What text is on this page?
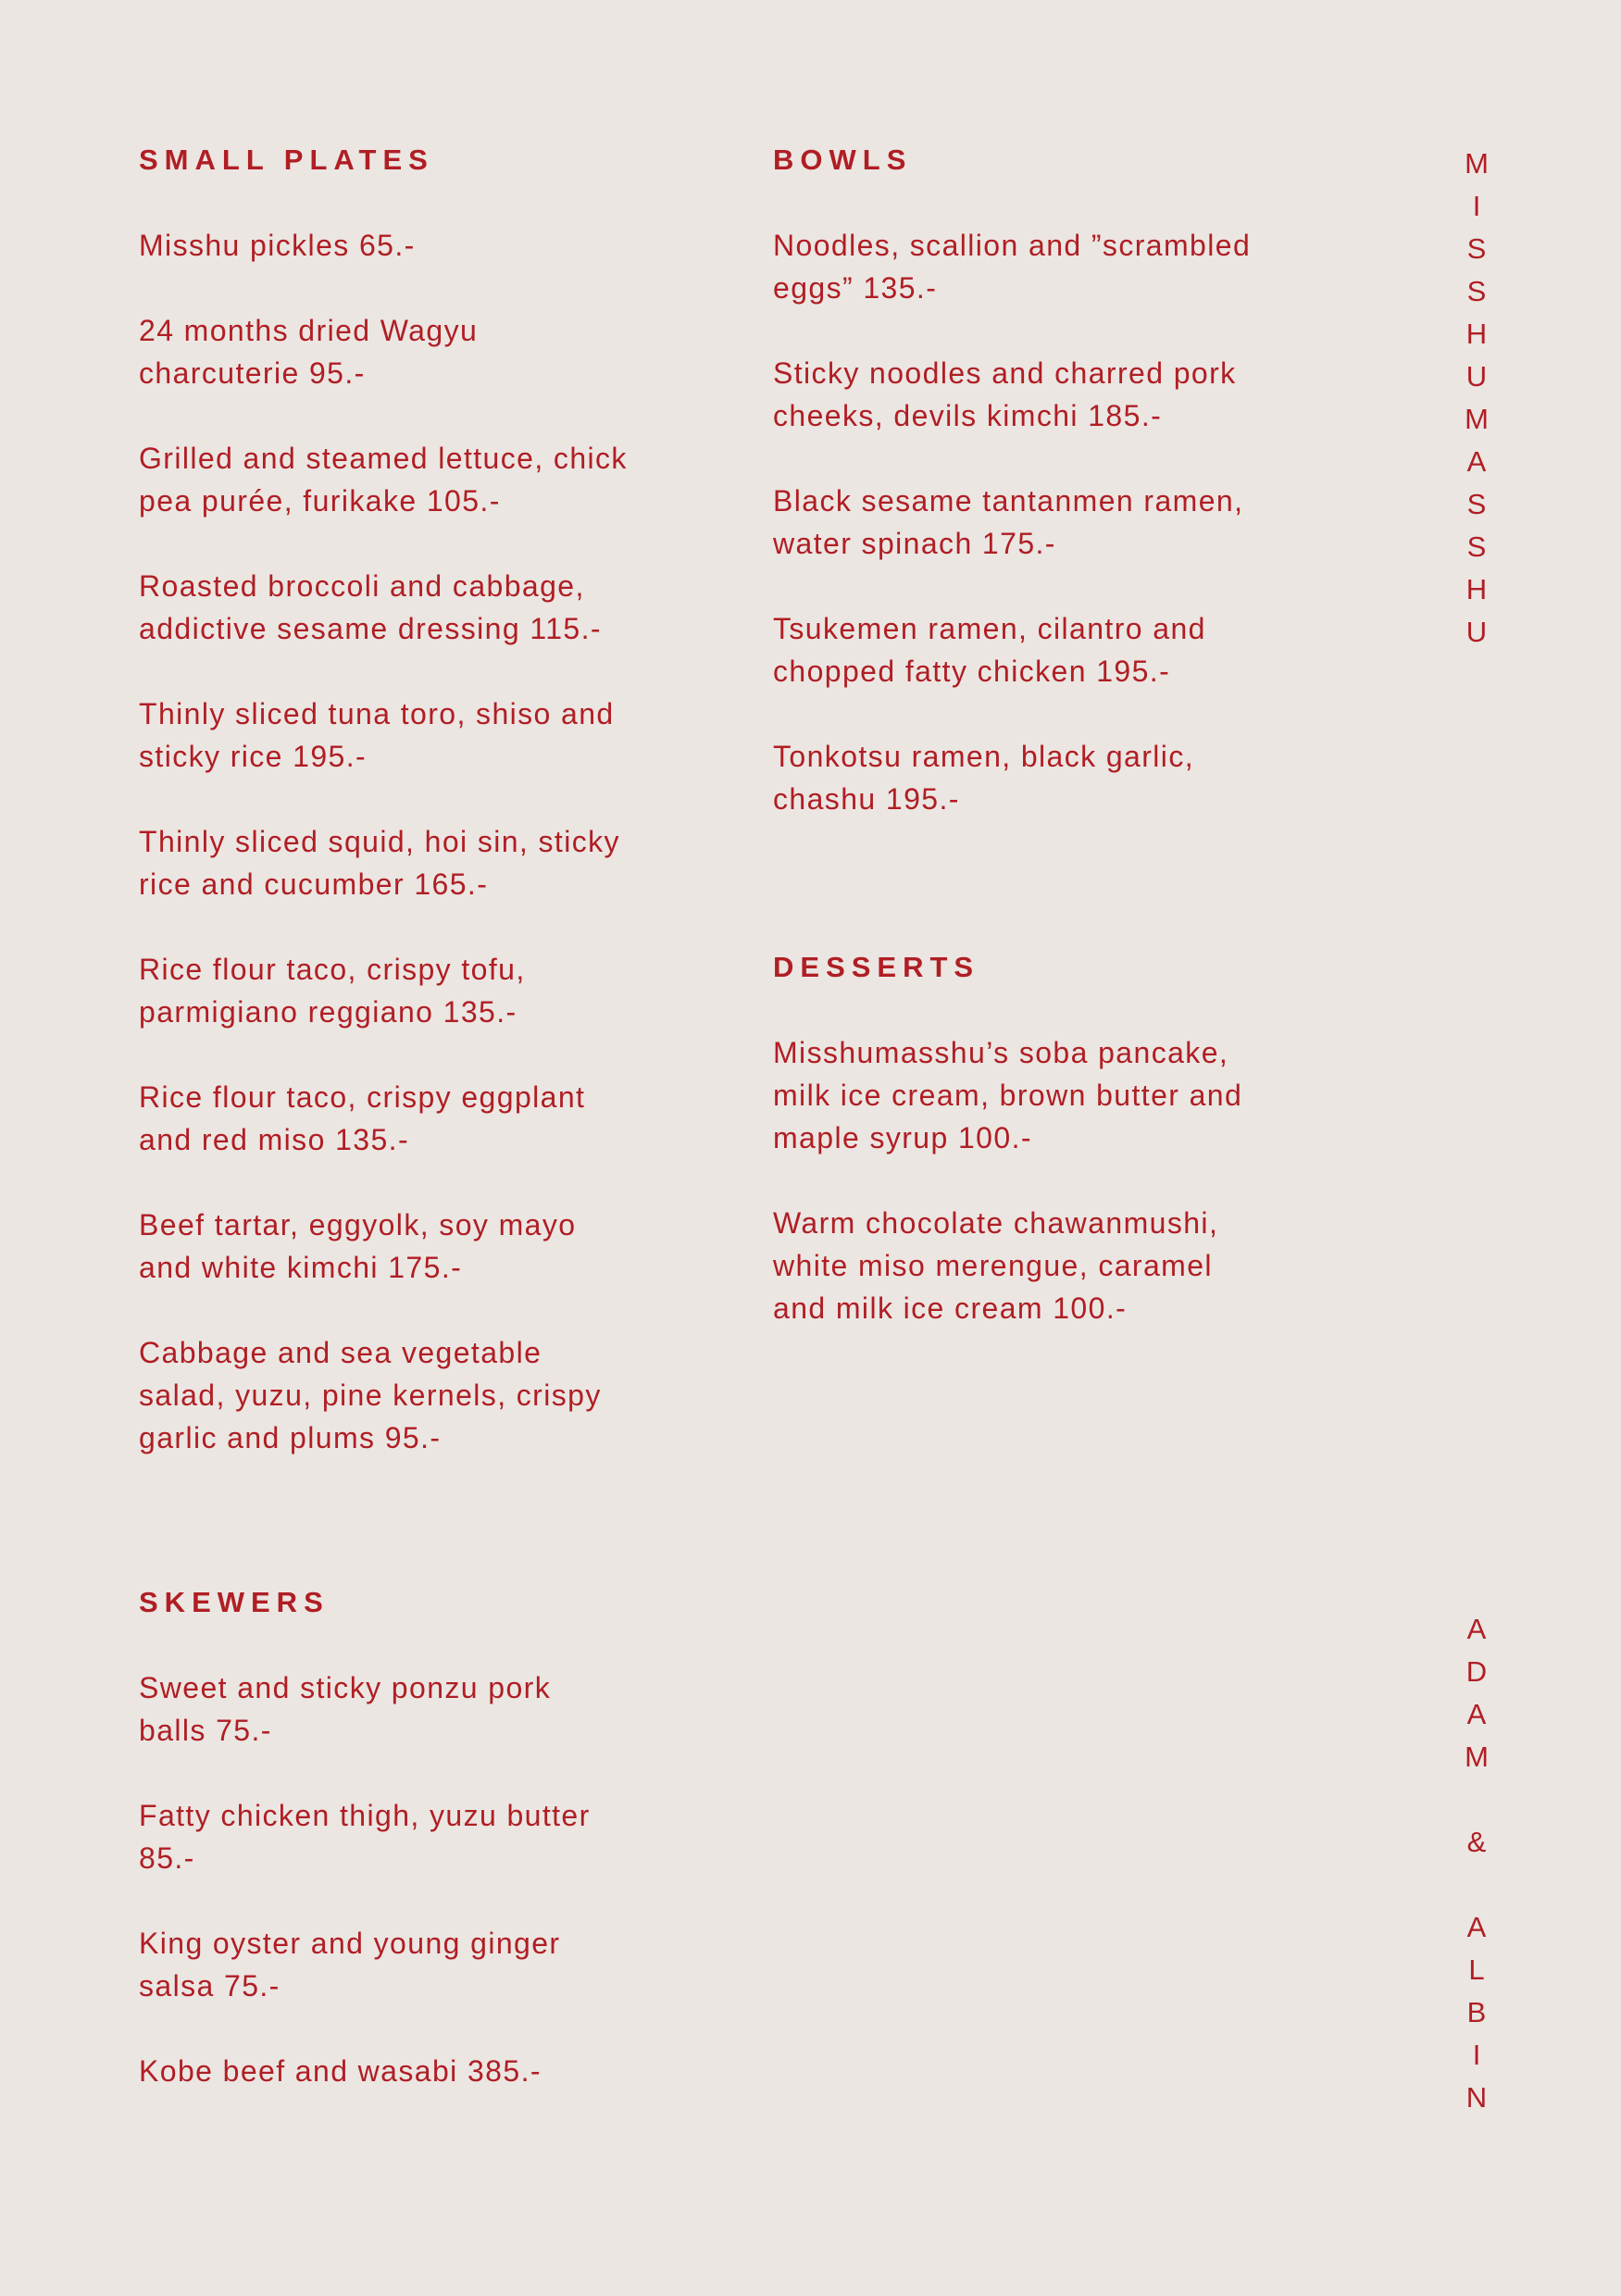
SMALL PLATES
Misshu pickles 65.-
24 months dried Wagyu
charcuterie 95.-
Grilled and steamed lettuce, chick
pea purée, furikake 105.-
Roasted broccoli and cabbage,
addictive sesame dressing 115.-
Thinly sliced tuna toro, shiso and
sticky rice 195.-
Thinly sliced squid, hoi sin, sticky
rice and cucumber 165.-
Rice flour taco, crispy tofu,
parmigiano reggiano 135.-
Rice flour taco, crispy eggplant
and red miso 135.-
Beef tartar, eggyolk, soy mayo
and white kimchi 175.-
Cabbage and sea vegetable
salad, yuzu, pine kernels, crispy
garlic and plums 95.-
BOWLS
Noodles, scallion and ”scrambled
eggs” 135.-
Sticky noodles and charred pork
cheeks, devils kimchi 185.-
Black sesame tantanmen ramen,
water spinach 175.-
Tsukemen ramen, cilantro and
chopped fatty chicken 195.-
Tonkotsu ramen, black garlic,
chashu 195.-
DESSERTS
Misshumasshu’s soba pancake,
milk ice cream, brown butter and
maple syrup 100.-
Warm chocolate chawanmushi,
white miso merengue, caramel
and milk ice cream 100.-
SKEWERS
Sweet and sticky ponzu pork
balls 75.-
Fatty chicken thigh, yuzu butter
85.-
King oyster and young ginger
salsa 75.-
Kobe beef and wasabi 385.-
M
I
S
S
H
U
M
A
S
S
H
U
A
D
A
M
&
A
L
B
I
N
